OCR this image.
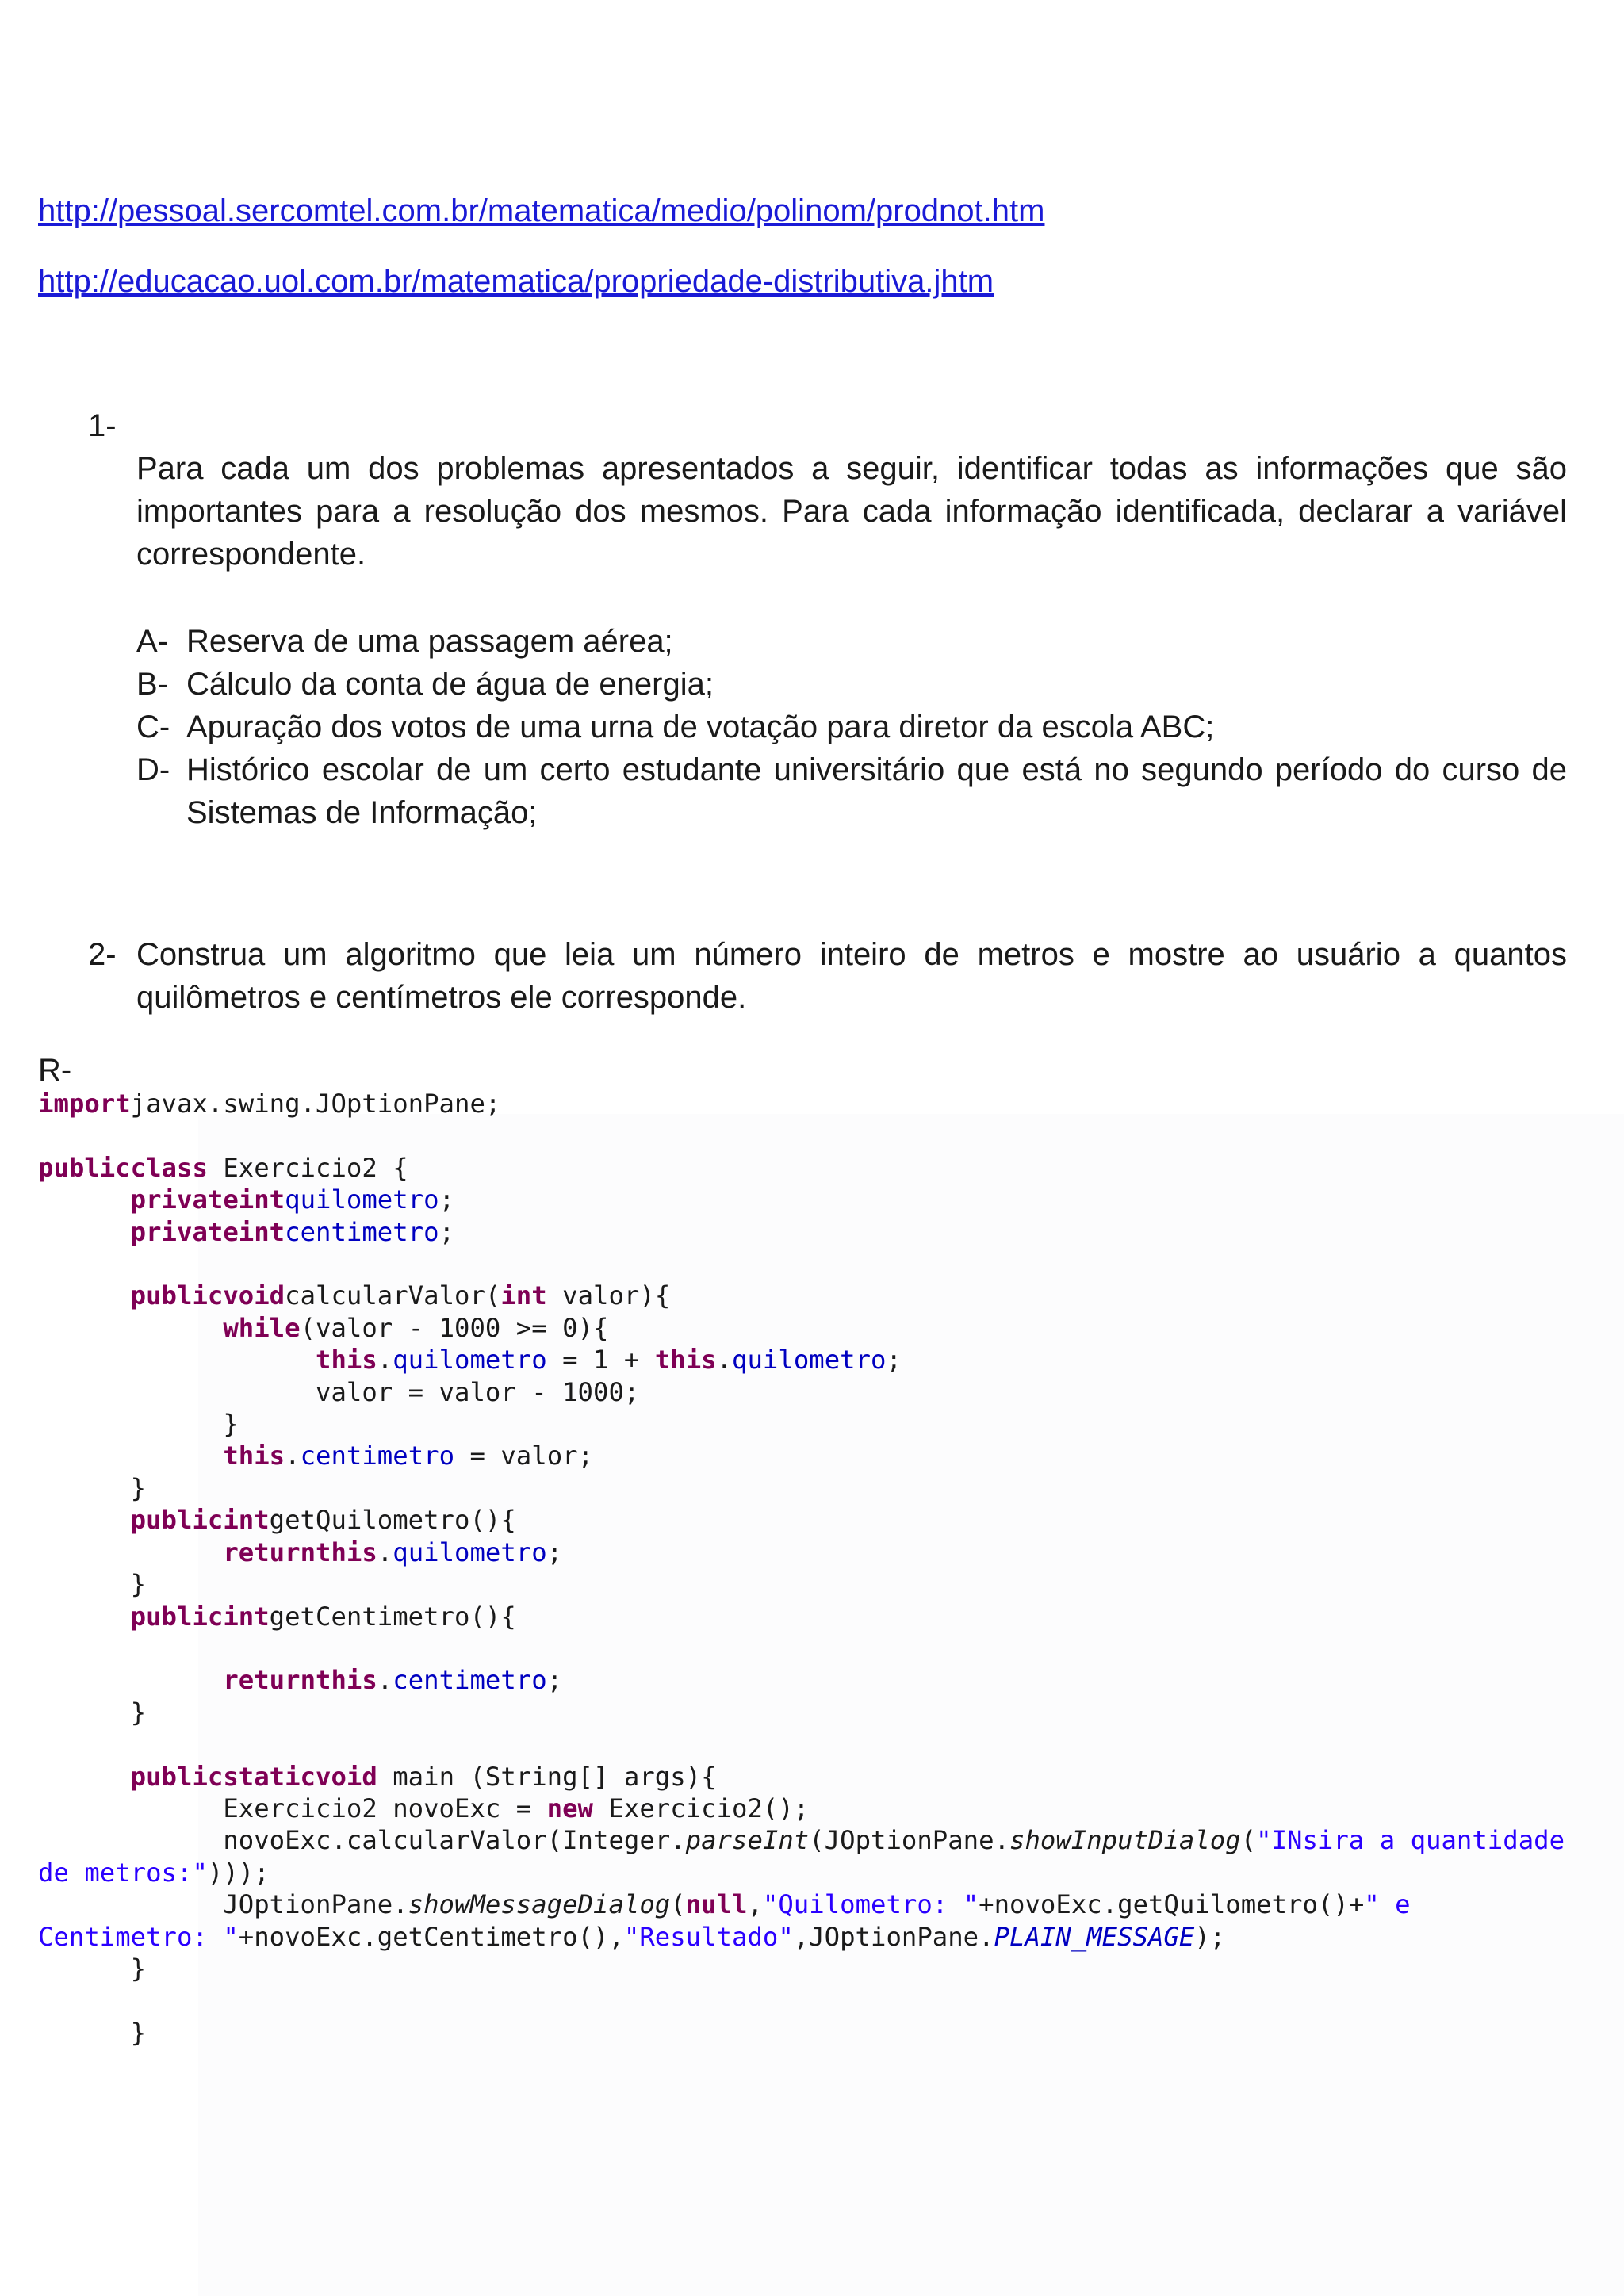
http://pessoal.sercomtel.com.br/matematica/medio/polinom/prodnot.htm
http://educacao.uol.com.br/matematica/propriedade-distributiva.jhtm
1-
Para cada um dos problemas apresentados a seguir, identificar todas as informações que são importantes para a resolução dos mesmos. Para cada informação identificada, declarar a variável correspondente.
A- Reserva de uma passagem aérea;
B- Cálculo da conta de água de energia;
C- Apuração dos votos de uma urna de votação para diretor da escola ABC;
D- Histórico escolar de um certo estudante universitário que está no segundo período do curso de Sistemas de Informação;
2- Construa um algoritmo que leia um número inteiro de metros e mostre ao usuário a quantos quilômetros e centímetros ele corresponde.
R-
importjavax.swing.JOptionPane;

publicclass Exercicio2 {
privateintquilometro;
privateintcentimetro;

publicvoidcalcularValor(int valor){
while(valor - 1000 >= 0){
this.quilometro = 1 + this.quilometro;
valor = valor - 1000;
}
this.centimetro = valor;
}
publicintgetQuilometro(){
returnthis.quilometro;
}
publicintgetCentimetro(){

returnthis.centimetro;
}

publicstaticvoid main (String[] args){
Exercicio2 novoExc = new Exercicio2();
novoExc.calcularValor(Integer.parseInt(JOptionPane.showInputDialog("INsira a quantidade
de metros:")));
JOptionPane.showMessageDialog(null,"Quilometro: "+novoExc.getQuilometro()+" e
Centimetro: "+novoExc.getCentimetro(),"Resultado",JOptionPane.PLAIN_MESSAGE);
}

}
